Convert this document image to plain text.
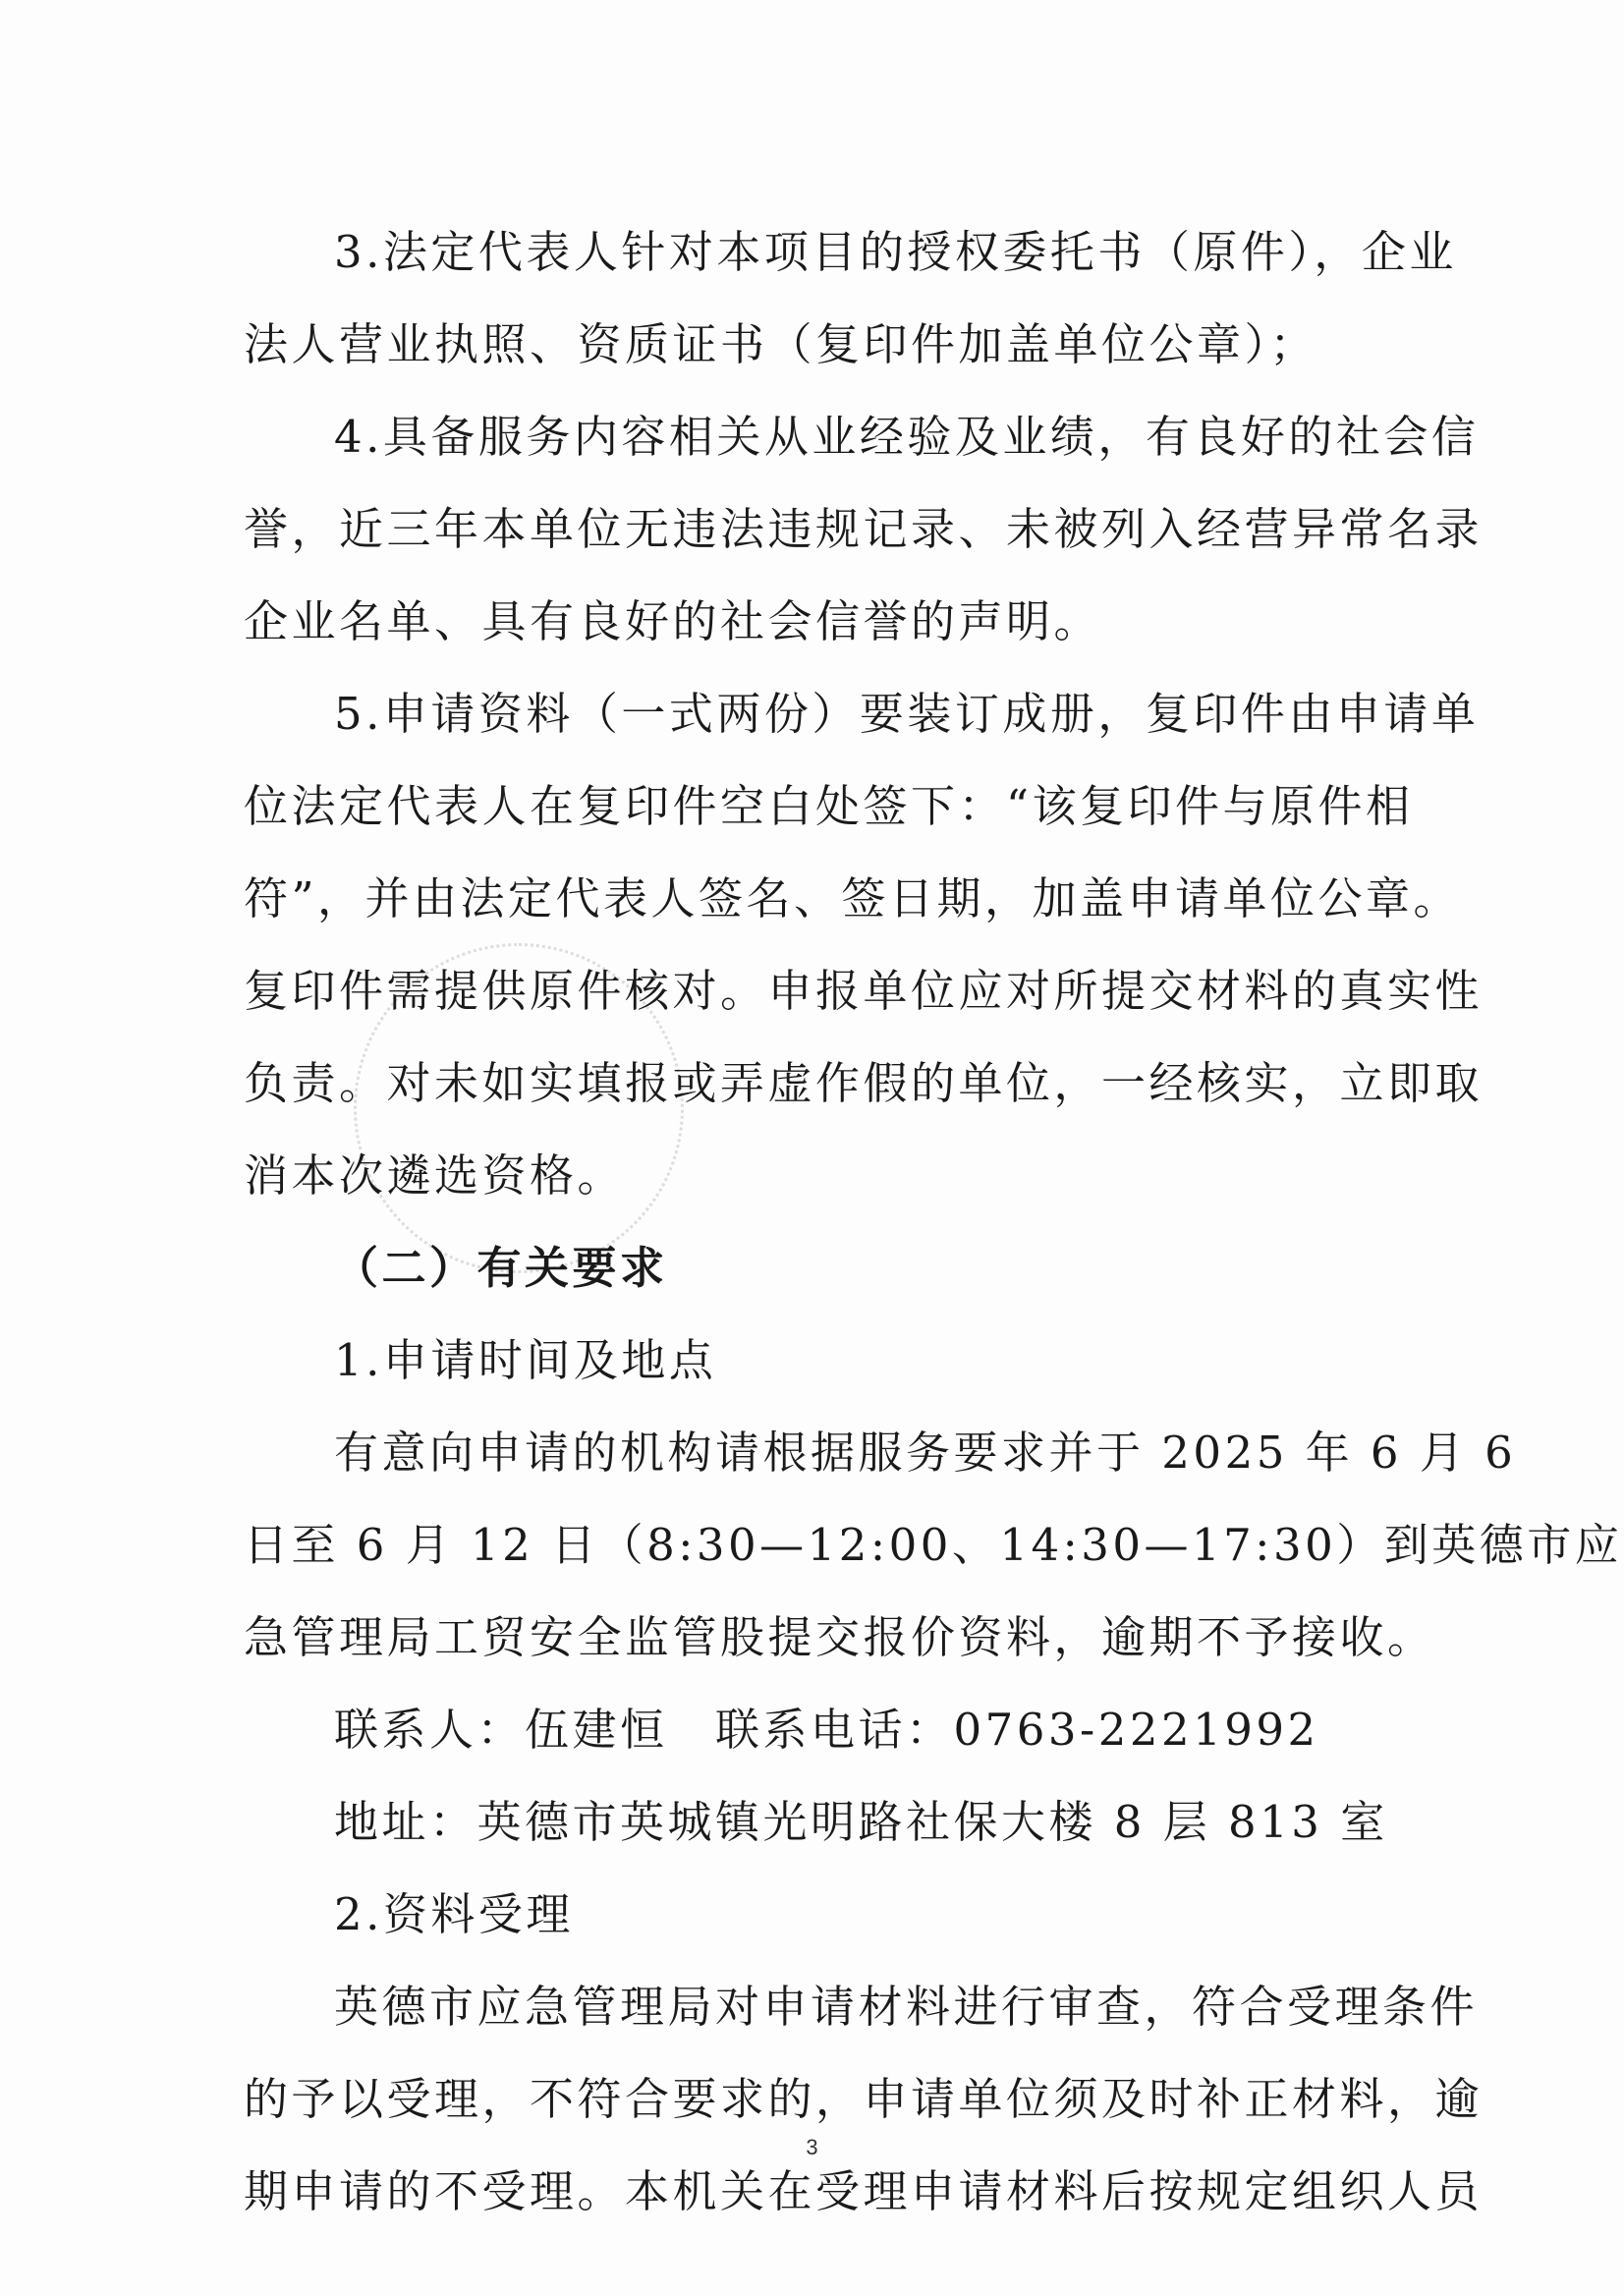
3.法定代表人针对本项目的授权委托书（原件），企业
法人营业执照、资质证书（复印件加盖单位公章）；
4.具备服务内容相关从业经验及业绩，有良好的社会信
誉，近三年本单位无违法违规记录、未被列入经营异常名录
企业名单、具有良好的社会信誉的声明。
5.申请资料（一式两份）要装订成册，复印件由申请单
位法定代表人在复印件空白处签下：“该复印件与原件相
符”，并由法定代表人签名、签日期，加盖申请单位公章。
复印件需提供原件核对。申报单位应对所提交材料的真实性
负责。对未如实填报或弄虚作假的单位，一经核实，立即取
消本次遴选资格。
（二）有关要求
1.申请时间及地点
有意向申请的机构请根据服务要求并于 2025 年 6 月 6
日至 6 月 12 日（8:30—12:00、14:30—17:30）到英德市应
急管理局工贸安全监管股提交报价资料，逾期不予接收。
联系人：伍建恒　联系电话：0763-2221992
地址：英德市英城镇光明路社保大楼 8 层 813 室
2.资料受理
英德市应急管理局对申请材料进行审查，符合受理条件
的予以受理，不符合要求的，申请单位须及时补正材料，逾
期申请的不受理。本机关在受理申请材料后按规定组织人员
3
